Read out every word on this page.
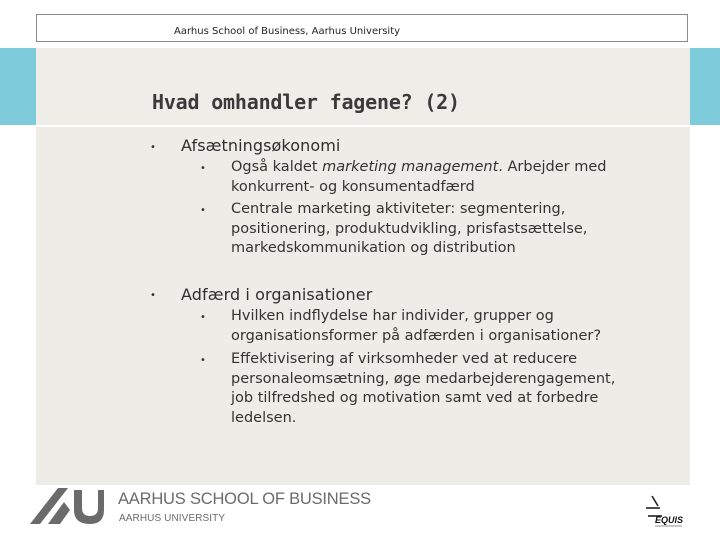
Aarhus School of Business, Aarhus University
Hvad omhandler fagene? (2)
• Afsætningsøkonomi
• Også kaldet marketing management. Arbejder med konkurrent- og konsumentadfærd
• Centrale marketing aktiviteter: segmentering, positionering, produktudvikling, prisfastsættelse, markedskommunikation og distribution
• Adfærd i organisationer
• Hvilken indflydelse har individer, grupper og organisationsformer på adfærden i organisationer?
• Effektivisering af virksomheder ved at reducere personaleomsætning, øge medarbejderengagement, job tilfredshed og motivation samt ved at forbedre ledelsen.
AARHUS SCHOOL OF BUSINESS
AARHUS UNIVERSITY	EQUIS
